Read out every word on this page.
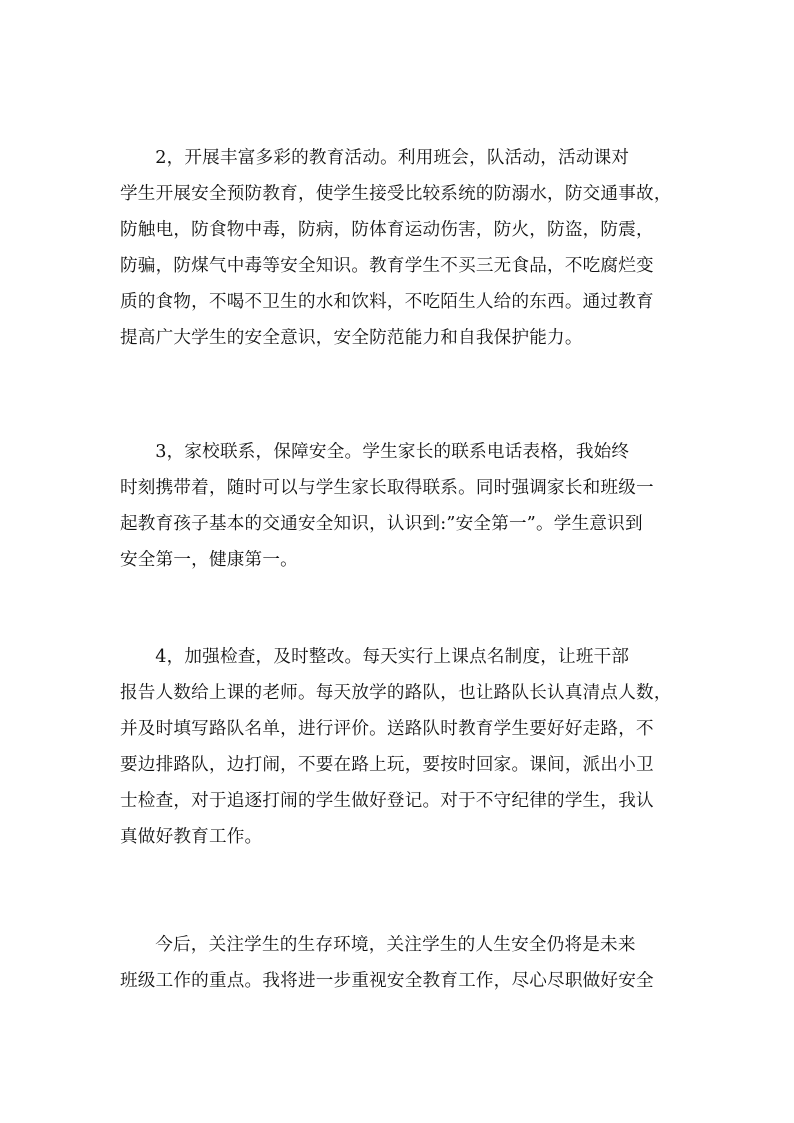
2，开展丰富多彩的教育活动。利用班会，队活动，活动课对
学生开展安全预防教育，使学生接受比较系统的防溺水，防交通事故，
防触电，防食物中毒，防病，防体育运动伤害，防火，防盗，防震，
防骗，防煤气中毒等安全知识。教育学生不买三无食品，不吃腐烂变
质的食物，不喝不卫生的水和饮料，不吃陌生人给的东西。通过教育
提高广大学生的安全意识，安全防范能力和自我保护能力。

3，家校联系，保障安全。学生家长的联系电话表格，我始终
时刻携带着，随时可以与学生家长取得联系。同时强调家长和班级一
起教育孩子基本的交通安全知识，认识到:”安全第一”。学生意识到
安全第一，健康第一。

4，加强检查，及时整改。每天实行上课点名制度，让班干部
报告人数给上课的老师。每天放学的路队，也让路队长认真清点人数，
并及时填写路队名单，进行评价。送路队时教育学生要好好走路，不
要边排路队，边打闹，不要在路上玩，要按时回家。课间，派出小卫
士检查，对于追逐打闹的学生做好登记。对于不守纪律的学生，我认
真做好教育工作。

今后，关注学生的生存环境，关注学生的人生安全仍将是未来
班级工作的重点。我将进一步重视安全教育工作，尽心尽职做好安全
